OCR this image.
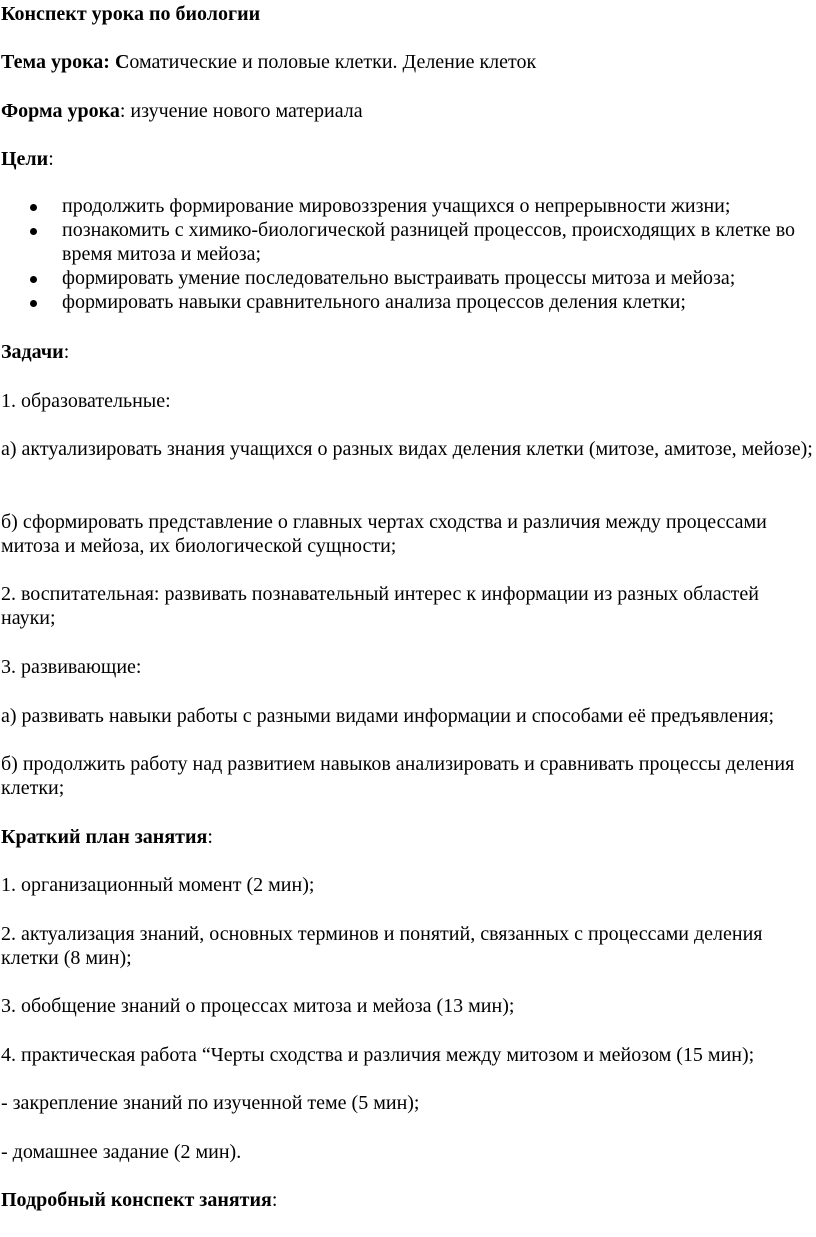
Конспект урока по биологии
Тема урока: Соматические и половые клетки. Деление клеток
Форма урока: изучение нового материала
Цели:
продолжить формирование мировоззрения учащихся о непрерывности жизни;
познакомить с химико-биологической разницей процессов, происходящих в клетке во время митоза и мейоза;
формировать умение последовательно выстраивать процессы митоза и мейоза;
формировать навыки сравнительного анализа процессов деления клетки;
Задачи:
1. образовательные:
а) актуализировать знания учащихся о разных видах деления клетки (митозе, амитозе, мейозе);
б) сформировать представление о главных чертах сходства и различия между процессами митоза и мейоза, их биологической сущности;
2. воспитательная: развивать познавательный интерес к информации из разных областей науки;
3. развивающие:
а) развивать навыки работы с разными видами информации и способами её предъявления;
б) продолжить работу над развитием навыков анализировать и сравнивать процессы деления клетки;
Краткий план занятия:
1. организационный момент (2 мин);
2. актуализация знаний, основных терминов и понятий, связанных с процессами деления клетки (8 мин);
3. обобщение знаний о процессах митоза и мейоза (13 мин);
4. практическая работа “Черты сходства и различия между митозом и мейозом (15 мин);
- закрепление знаний по изученной теме (5 мин);
- домашнее задание (2 мин).
Подробный конспект занятия:
